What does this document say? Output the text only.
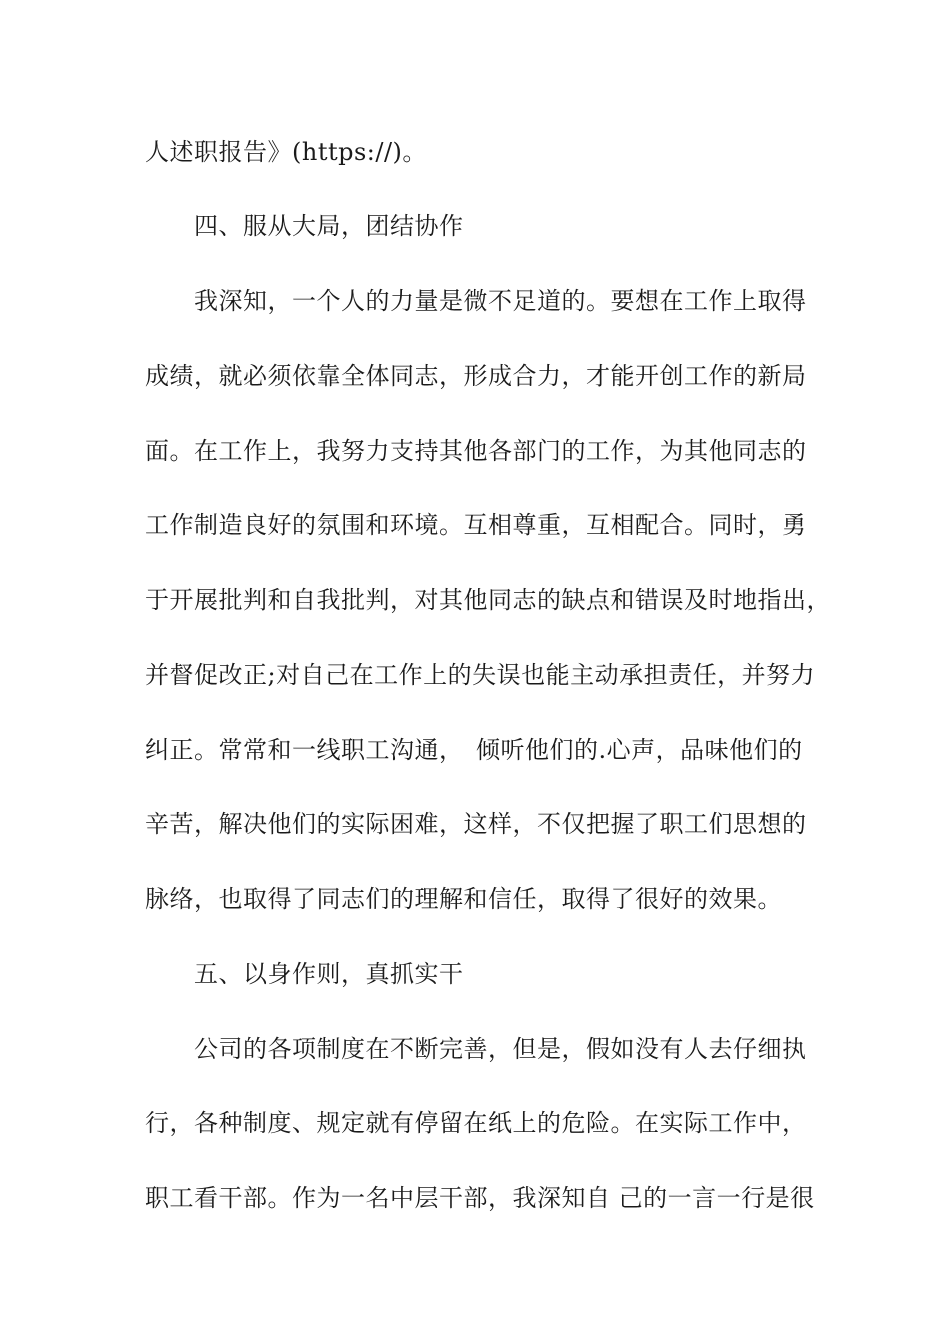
人述职报告》(https://)。
　　四、服从大局，团结协作
　　我深知，一个人的力量是微不足道的。要想在工作上取得
成绩，就必须依靠全体同志，形成合力，才能开创工作的新局
面。在工作上，我努力支持其他各部门的工作，为其他同志的
工作制造良好的氛围和环境。互相尊重，互相配合。同时，勇
于开展批判和自我批判，对其他同志的缺点和错误及时地指出，
并督促改正;对自己在工作上的失误也能主动承担责任，并努力
纠正。常常和一线职工沟通，　倾听他们的.心声，品味他们的
辛苦，解决他们的实际困难，这样，不仅把握了职工们思想的
脉络，也取得了同志们的理解和信任，取得了很好的效果。
　　五、以身作则，真抓实干
　　公司的各项制度在不断完善，但是，假如没有人去仔细执
行，各种制度、规定就有停留在纸上的危险。在实际工作中，
职工看干部。作为一名中层干部，我深知自 己的一言一行是很
